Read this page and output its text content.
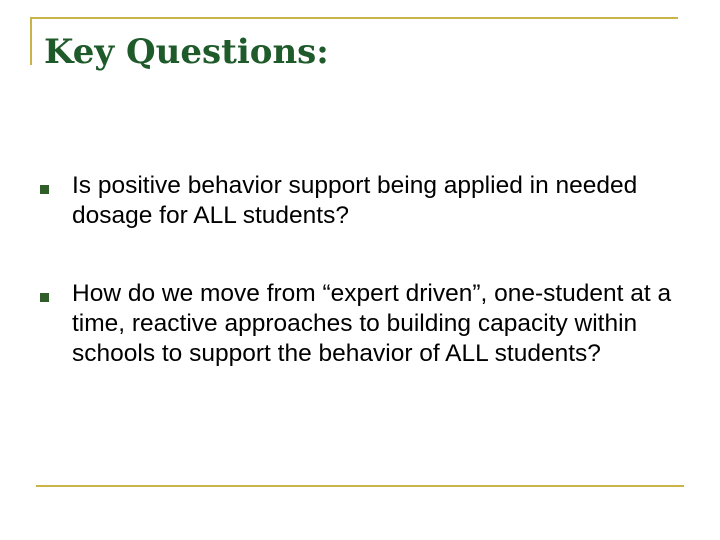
Key Questions:
Is positive behavior support being applied in needed dosage for ALL students?
How do we move from “expert driven”, one-student at a time, reactive approaches to building capacity within schools to support the behavior of ALL students?
